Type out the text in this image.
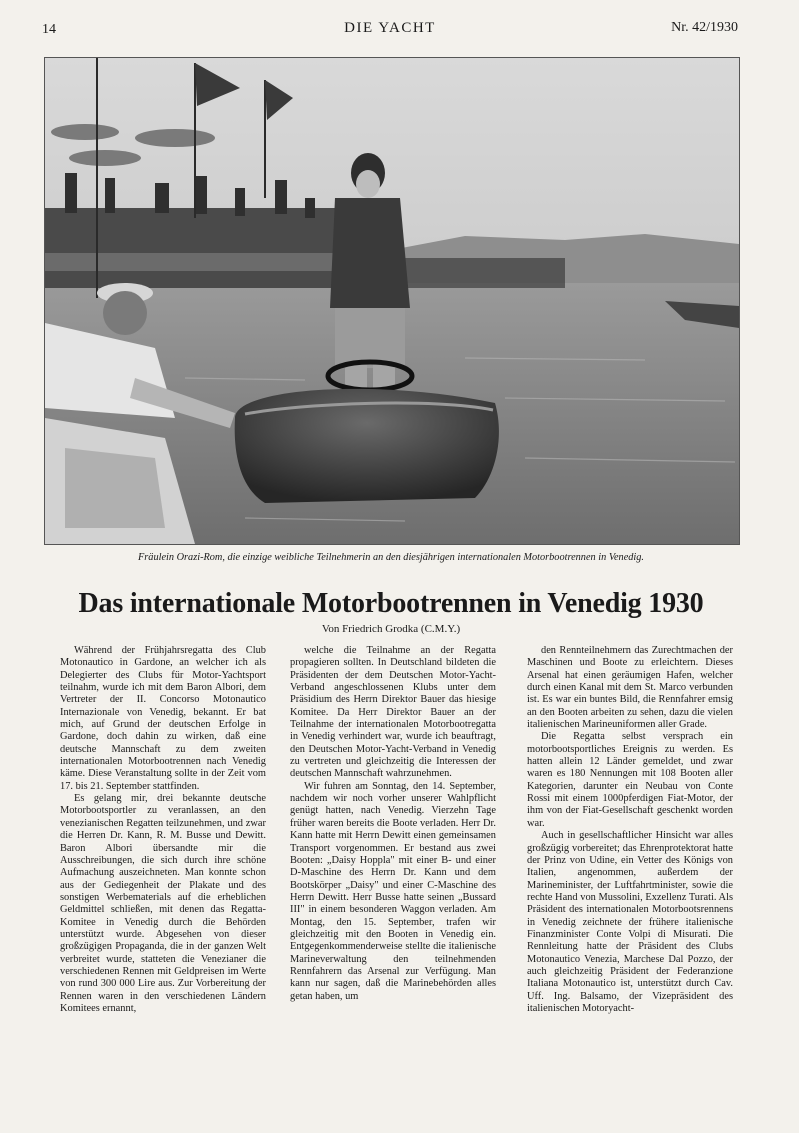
14	DIE YACHT	Nr. 42/1930
Fräulein Orazi-Rom, die einzige weibliche Teilnehmerin an den diesjährigen internationalen Motorbootrennen in Venedig.
Das internationale Motorbootrennen in Venedig 1930
Von Friedrich Grodka (C.M.Y.)

Während der Frühjahrsregatta des Club Motonautico in Gardone, an welcher ich als Delegierter des Clubs für Motor-Yachtsport teilnahm, wurde ich mit dem Baron Albori, dem Vertreter der II. Concorso Motonautico Internazionale von Venedig, bekannt. Er bat mich, auf Grund der deutschen Erfolge in Gardone, doch dahin zu wirken, daß eine deutsche Mannschaft zu dem zweiten internationalen Motorbootrennen nach Venedig käme. Diese Veranstaltung sollte in der Zeit vom 17. bis 21. September stattfinden.

Es gelang mir, drei bekannte deutsche Motorbootsportler zu veranlassen, an den venezianischen Regatten teilzunehmen, und zwar die Herren Dr. Kann, R. M. Busse und Dewitt. Baron Albori übersandte mir die Ausschreibungen, die sich durch ihre schöne Aufmachung auszeichneten. Man konnte schon aus der Gediegenheit der Plakate und des sonstigen Werbematerials auf die erheblichen Geldmittel schließen, mit denen das Regatta-Komitee in Venedig durch die Behörden unterstützt wurde. Abgesehen von dieser großzügigen Propaganda, die in der ganzen Welt verbreitet wurde, statteten die Venezianer die verschiedenen Rennen mit Geldpreisen im Werte von rund 300 000 Lire aus. Zur Vorbereitung der Rennen waren in den verschiedenen Ländern Komitees ernannt,

welche die Teilnahme an der Regatta propagieren sollten. In Deutschland bildeten die Präsidenten der dem Deutschen Motor-Yacht-Verband angeschlossenen Klubs unter dem Präsidium des Herrn Direktor Bauer das hiesige Komitee. Da Herr Direktor Bauer an der Teilnahme der internationalen Motorbootregatta in Venedig verhindert war, wurde ich beauftragt, den Deutschen Motor-Yacht-Verband in Venedig zu vertreten und gleichzeitig die Interessen der deutschen Mannschaft wahrzunehmen.

Wir fuhren am Sonntag, den 14. September, nachdem wir noch vorher unserer Wahlpflicht genügt hatten, nach Venedig. Vierzehn Tage früher waren bereits die Boote verladen. Herr Dr. Kann hatte mit Herrn Dewitt einen gemeinsamen Transport vorgenommen. Er bestand aus zwei Booten: „Daisy Hoppla" mit einer B- und einer D-Maschine des Herrn Dr. Kann und dem Bootskörper „Daisy" und einer C-Maschine des Herrn Dewitt. Herr Busse hatte seinen „Bussard III" in einem besonderen Waggon verladen. Am Montag, den 15. September, trafen wir gleichzeitig mit den Booten in Venedig ein. Entgegenkommenderweise stellte die italienische Marineverwaltung den teilnehmenden Rennfahrern das Arsenal zur Verfügung. Man kann nur sagen, daß die Marinebehörden alles getan haben, um

den Rennteilnehmern das Zurechtmachen der Maschinen und Boote zu erleichtern. Dieses Arsenal hat einen geräumigen Hafen, welcher durch einen Kanal mit dem St. Marco verbunden ist. Es war ein buntes Bild, die Rennfahrer emsig an den Booten arbeiten zu sehen, dazu die vielen italienischen Marineuniformen aller Grade.

Die Regatta selbst versprach ein motorbootsportliches Ereignis zu werden. Es hatten allein 12 Länder gemeldet, und zwar waren es 180 Nennungen mit 108 Booten aller Kategorien, darunter ein Neubau von Conte Rossi mit einem 1000pferdigen Fiat-Motor, der ihm von der Fiat-Gesellschaft geschenkt worden war.

Auch in gesellschaftlicher Hinsicht war alles großzügig vorbereitet; das Ehrenprotektorat hatte der Prinz von Udine, ein Vetter des Königs von Italien, angenommen, außerdem der Marineminister, der Luftfahrtminister, sowie die rechte Hand von Mussolini, Exzellenz Turati. Als Präsident des internationalen Motorbootsrennens in Venedig zeichnete der frühere italienische Finanzminister Conte Volpi di Misurati. Die Rennleitung hatte der Präsident des Clubs Motonautico Venezia, Marchese Dal Pozzo, der auch gleichzeitig Präsident der Federanzione Italiana Motonautico ist, unterstützt durch Cav. Uff. Ing. Balsamo, der Vizepräsident des italienischen Motoryacht-
